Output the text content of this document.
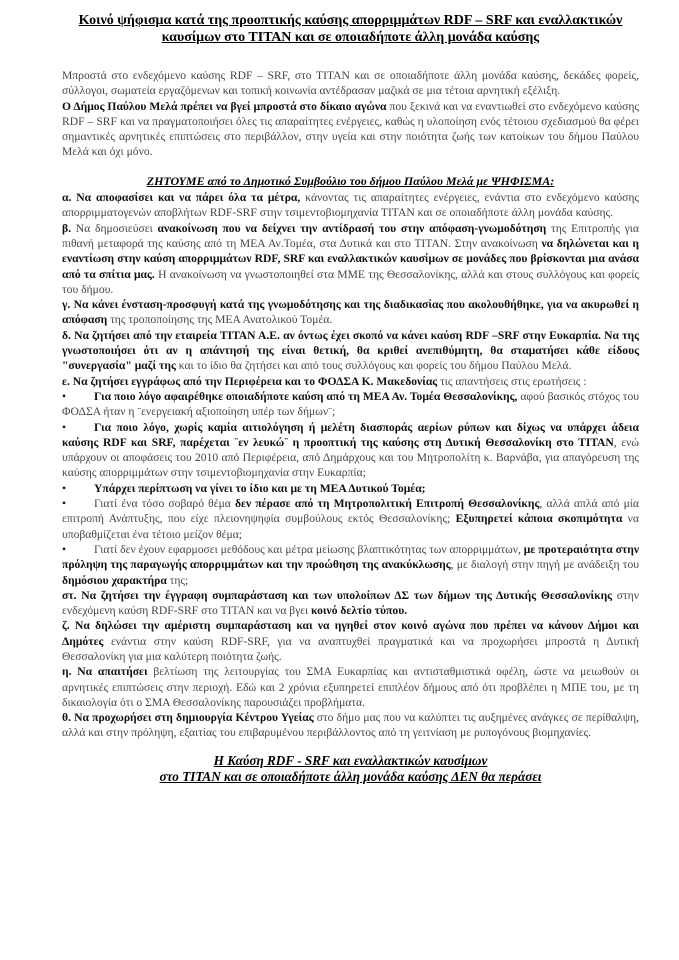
Κοινό ψήφισμα κατά της προοπτικής καύσης απορριμμάτων RDF – SRF και εναλλακτικών
καυσίμων στο ΤΙΤΑΝ και σε οποιαδήποτε άλλη μονάδα καύσης

Μπροστά στο ενδεχόμενο καύσης RDF – SRF, στο ΤΙΤΑΝ και σε οποιαδήποτε άλλη μονάδα καύσης, δεκάδες φορείς, σύλλογοι, σωματεία εργαζόμενων και τοπική κοινωνία αντέδρασαν μαζικά σε μια τέτοια αρνητική εξέλιξη.

Ο Δήμος Παύλου Μελά πρέπει να βγεί μπροστά στο δίκαιο αγώνα που ξεκινά και να εναντιωθεί στο ενδεχόμενο καύσης RDF – SRF και να πραγματοποιήσει όλες τις απαραίτητες ενέργειες, καθώς η υλοποίηση ενός τέτοιου σχεδιασμού θα φέρει σημαντικές αρνητικές επιπτώσεις στο περιβάλλον, στην υγεία και στην ποιότητα ζωής των κατοίκων του δήμου Παύλου Μελά και όχι μόνο.

ΖΗΤΟΥΜΕ από το Δημοτικό Συμβούλιο του δήμου Παύλου Μελά με ΨΗΦΙΣΜΑ:

α. Να αποφασίσει και να πάρει όλα τα μέτρα, κάνοντας τις απαραίτητες ενέργειες, ενάντια στο ενδεχόμενο καύσης απορριμματογενών αποβλήτων RDF-SRF στην τσιμεντοβιομηχανία ΤΙΤΑΝ και σε οποιαδήποτε άλλη μονάδα καύσης.

β. Να δημοσιεύσει ανακοίνωση που να δείχνει την αντίδρασή του στην απόφαση-γνωμοδότηση της Επιτροπής για πιθανή μεταφορά της καύσης από τη ΜΕΑ Αν.Τομέα, στα Δυτικά και στο ΤΙΤΑΝ. Στην ανακοίνωση να δηλώνεται και η εναντίωση στην καύση απορριμμάτων RDF, SRF και εναλλακτικών καυσίμων σε μονάδες που βρίσκονται μια ανάσα από τα σπίτια μας. Η ανακοίνωση να γνωστοποιηθεί στα ΜΜΕ της Θεσσαλονίκης, αλλά και στους συλλόγους και φορείς του δήμου.

γ. Να κάνει ένσταση-προσφυγή κατά της γνωμοδότησης και της διαδικασίας που ακολουθήθηκε, για να ακυρωθεί η απόφαση της τροποποίησης της ΜΕΑ Ανατολικού Τομέα.

δ. Να ζητήσει από την εταιρεία ΤΙΤΑΝ Α.Ε. αν όντως έχει σκοπό να κάνει καύση RDF –SRF στην Ευκαρπία. Να της γνωστοποιήσει ότι αν η απάντησή της είναι θετική, θα κριθεί ανεπιθύμητη, θα σταματήσει κάθε είδους "συνεργασία" μαζί της και το ίδιο θα ζητήσει και από τους συλλόγους και φορείς του δήμου Παύλου Μελά.

ε. Να ζητήσει εγγράφως από την Περιφέρεια και το ΦΟΔΣΑ Κ. Μακεδονίας τις απαντήσεις στις ερωτήσεις :

• Για ποιο λόγο αφαιρέθηκε οποιαδήποτε καύση από τη ΜΕΑ Αν. Τομέα Θεσσαλονίκης, αφού βασικός στόχος του ΦΟΔΣΑ ήταν η ¨ενεργειακή αξιοποίηση υπέρ των δήμων¨;

• Για ποιο λόγο, χωρίς καμία αιτιολόγηση ή μελέτη διασποράς αερίων ρύπων και δίχως να υπάρχει άδεια καύσης RDF και SRF, παρέχεται ¨εν λευκώ¨ η προοπτική της καύσης στη Δυτική Θεσσαλονίκη στο ΤΙΤΑΝ, ενώ υπάρχουν οι αποφάσεις του 2010 από Περιφέρεια, από Δημάρχους και του Μητροπολίτη κ. Βαρνάβα, για απαγόρευση της καύσης απορριμμάτων στην τσιμεντοβιομηχανία στην Ευκαρπία;

• Υπάρχει περίπτωση να γίνει το ίδιο και με τη ΜΕΑ Δυτικού Τομέα;

• Γιατί ένα τόσο σοβαρό θέμα δεν πέρασε από τη Μητροπολιτική Επιτροπή Θεσσαλονίκης, αλλά απλά από μία επιτροπή Ανάπτυξης, που είχε πλειονηψηφία συμβούλους εκτός Θεσσαλονίκης; Εξυπηρετεί κάποια σκοπιμότητα να υποβαθμίζεται ένα τέτοιο μείζον θέμα;

• Γιατί δεν έχουν εφαρμοσει μεθόδους και μέτρα μείωσης βλαπτικότητας των απορριμμάτων, με προτεραιότητα στην πρόληψη της παραγωγής απορριμμάτων και την προώθηση της ανακύκλωσης, με διαλογή στην πηγή με ανάδειξη του δημόσιου χαρακτήρα της;

στ. Να ζητήσει την έγγραφη συμπαράσταση και των υπολοίπων ΔΣ των δήμων της Δυτικής Θεσσαλονίκης στην ενδεχόμενη καύση RDF-SRF στο ΤΙΤΑΝ και να βγει κοινό δελτίο τύπου.

ζ. Να δηλώσει την αμέριστη συμπαράσταση και να ηγηθεί στον κοινό αγώνα που πρέπει να κάνουν Δήμοι και Δημότες ενάντια στην καύση RDF-SRF, για να αναπτυχθεί πραγματικά και να προχωρήσει μπροστά η Δυτική Θεσσαλονίκη για μια καλύτερη ποιότητα ζωής.

η. Να απαιτήσει βελτίωση της λειτουργίας του ΣΜΑ Ευκαρπίας και αντισταθμιστικά οφέλη, ώστε να μειωθούν οι αρνητικές επιπτώσεις στην περιοχή. Εδώ και 2 χρόνια εξυπηρετεί επιπλέον δήμους από ότι προβλέπει η ΜΠΕ του, με τη δικαιολογία ότι ο ΣΜΑ Θεσσαλονίκης παρουσιάζει προβλήματα.

θ. Να προχωρήσει στη δημιουργία Κέντρου Υγείας στο δήμο μας που να καλύπτει τις αυξημένες ανάγκες σε περίθαλψη, αλλά και στην πρόληψη, εξαιτίας του επιβαρυμένου περιβάλλοντος από τη γειτνίαση με ρυπογόνους βιομηχανίες.

Η Καύση RDF - SRF και εναλλακτικών καυσίμων
στο ΤΙΤΑΝ και σε οποιαδήποτε άλλη μονάδα καύσης ΔΕΝ θα περάσει
